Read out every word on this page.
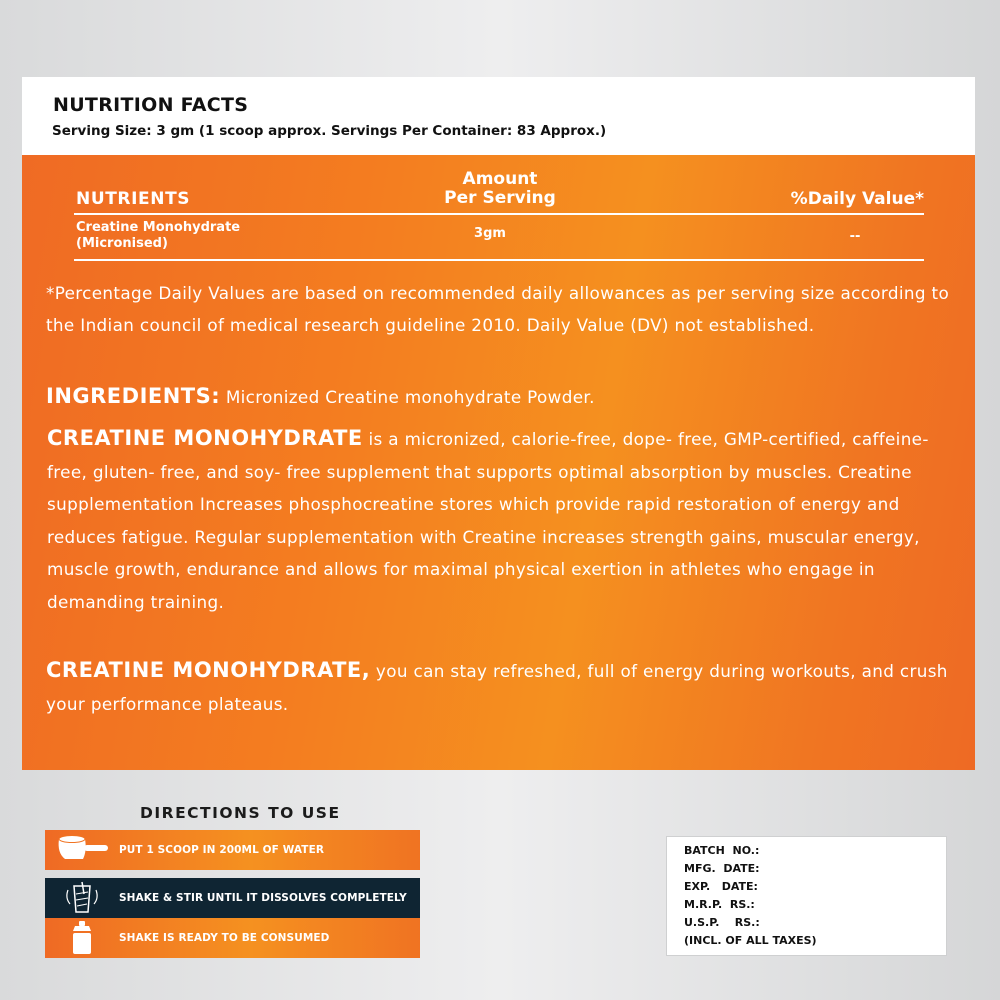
NUTRITION FACTS
Serving Size: 3 gm (1 scoop approx. Servings Per Container: 83 Approx.)
NUTRIENTS
Amount
Per Serving	%Daily Value*
Creatine Monohydrate
(Micronised)
3gm	--
*Percentage Daily Values are based on recommended daily allowances as per serving size according to the Indian council of medical research guideline 2010. Daily Value (DV) not established.
INGREDIENTS: Micronized Creatine monohydrate Powder.
CREATINE MONOHYDRATE is a micronized, calorie-free, dope- free, GMP-certified, caffeine- free, gluten- free, and soy- free supplement that supports optimal absorption by muscles. Creatine supplementation Increases phosphocreatine stores which provide rapid restoration of energy and reduces fatigue. Regular supplementation with Creatine increases strength gains, muscular energy, muscle growth, endurance and allows for maximal physical exertion in athletes who engage in demanding training.
CREATINE MONOHYDRATE, you can stay refreshed, full of energy during workouts, and crush your performance plateaus.
DIRECTIONS TO USE
PUT 1 SCOOP IN 200ML OF WATER
SHAKE & STIR UNTIL IT DISSOLVES COMPLETELY
SHAKE IS READY TO BE CONSUMED
BATCH  NO.:
MFG.  DATE:
EXP.   DATE:
M.R.P.  RS.:
U.S.P.    RS.:
(INCL. OF ALL TAXES)
